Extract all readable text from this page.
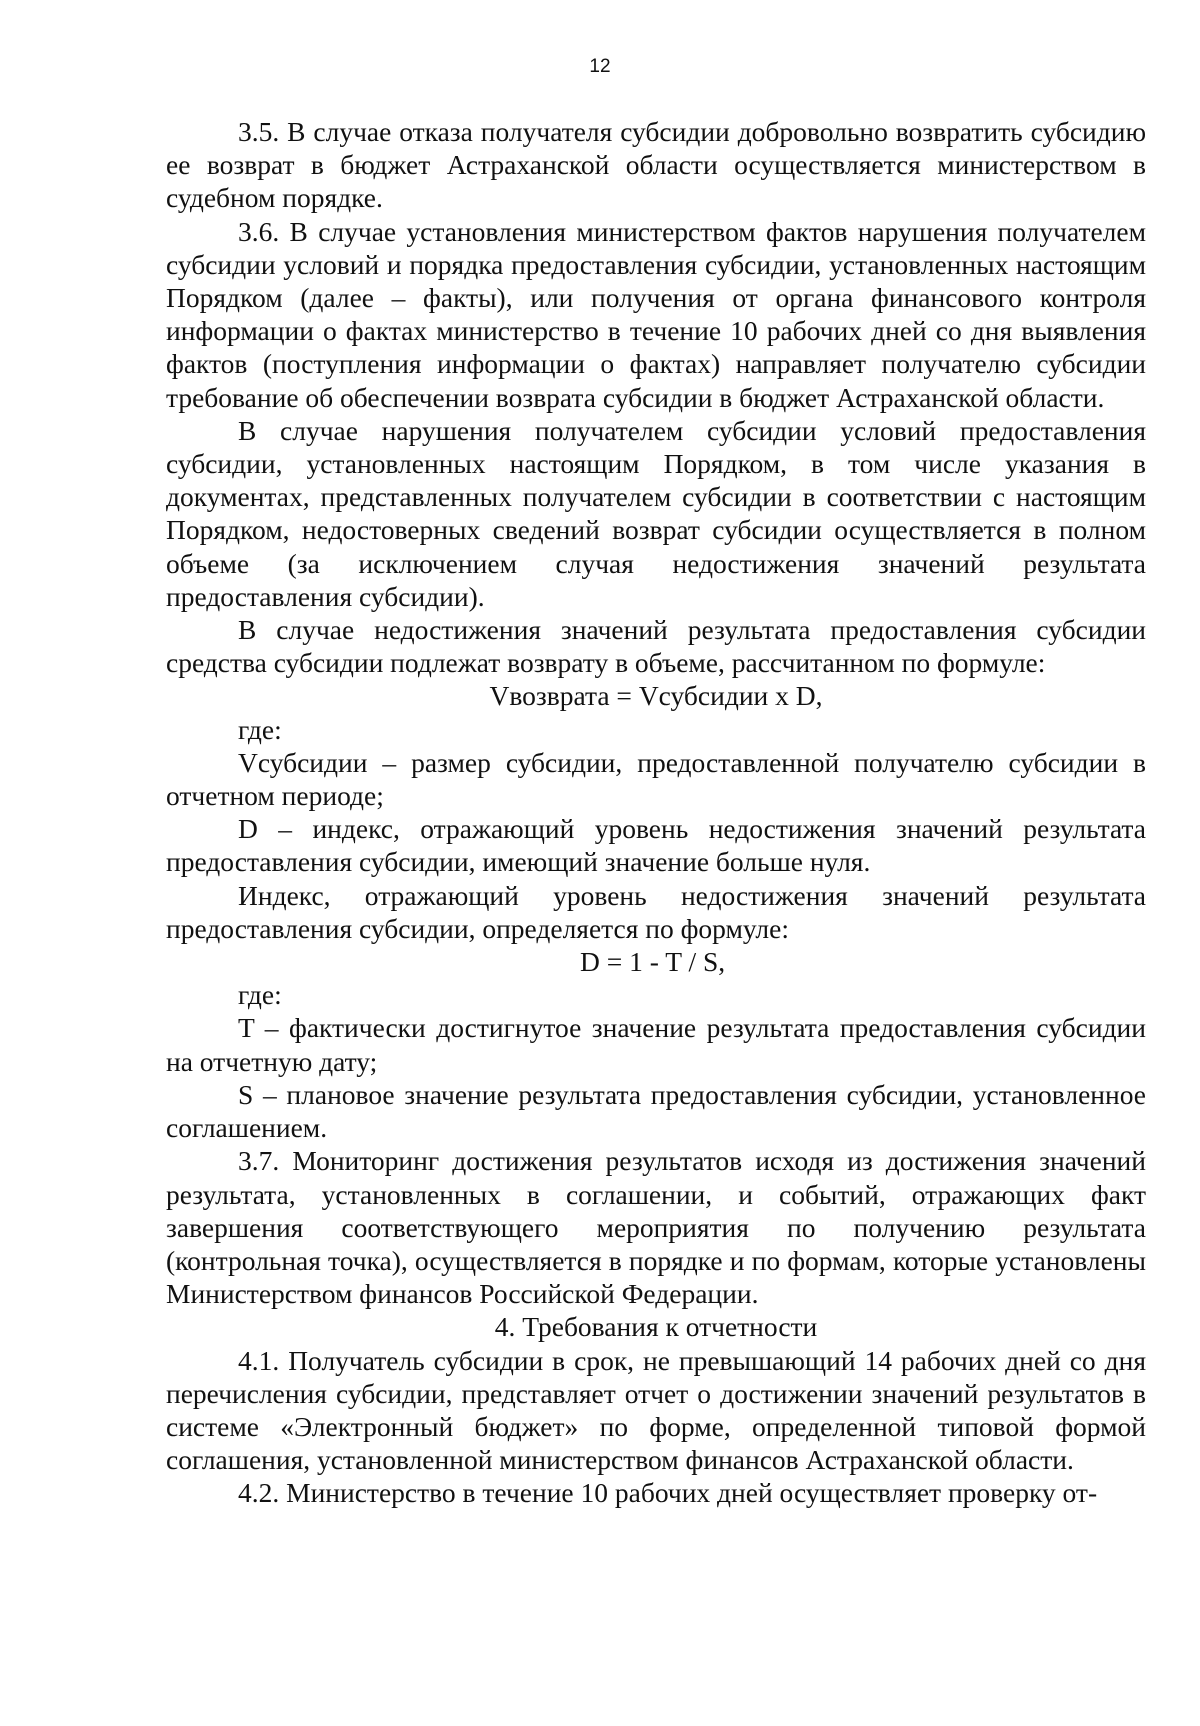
12

3.5. В случае отказа получателя субсидии добровольно возвратить субсидию ее возврат в бюджет Астраханской области осуществляется министерством в судебном порядке.

3.6. В случае установления министерством фактов нарушения получателем субсидии условий и порядка предоставления субсидии, установленных настоящим Порядком (далее – факты), или получения от органа финансового контроля информации о фактах министерство в течение 10 рабочих дней со дня выявления фактов (поступления информации о фактах) направляет получателю субсидии требование об обеспечении возврата субсидии в бюджет Астраханской области.

В случае нарушения получателем субсидии условий предоставления субсидии, установленных настоящим Порядком, в том числе указания в документах, представленных получателем субсидии в соответствии с настоящим Порядком, недостоверных сведений возврат субсидии осуществляется в полном объеме (за исключением случая недостижения значений результата предоставления субсидии).

В случае недостижения значений результата предоставления субсидии средства субсидии подлежат возврату в объеме, рассчитанном по формуле:

Vвозврата = Vсубсидии x D,

где:

Vсубсидии – размер субсидии, предоставленной получателю субсидии в отчетном периоде;

D – индекс, отражающий уровень недостижения значений результата предоставления субсидии, имеющий значение больше нуля.

Индекс, отражающий уровень недостижения значений результата предоставления субсидии, определяется по формуле:

D = 1 - T / S,

где:

T – фактически достигнутое значение результата предоставления субсидии на отчетную дату;

S – плановое значение результата предоставления субсидии, установленное соглашением.

3.7. Мониторинг достижения результатов исходя из достижения значений результата, установленных в соглашении, и событий, отражающих факт завершения соответствующего мероприятия по получению результата (контрольная точка), осуществляется в порядке и по формам, которые установлены Министерством финансов Российской Федерации.

4. Требования к отчетности

4.1. Получатель субсидии в срок, не превышающий 14 рабочих дней со дня перечисления субсидии, представляет отчет о достижении значений результатов в системе «Электронный бюджет» по форме, определенной типовой формой соглашения, установленной министерством финансов Астраханской области.

4.2. Министерство в течение 10 рабочих дней осуществляет проверку от-
